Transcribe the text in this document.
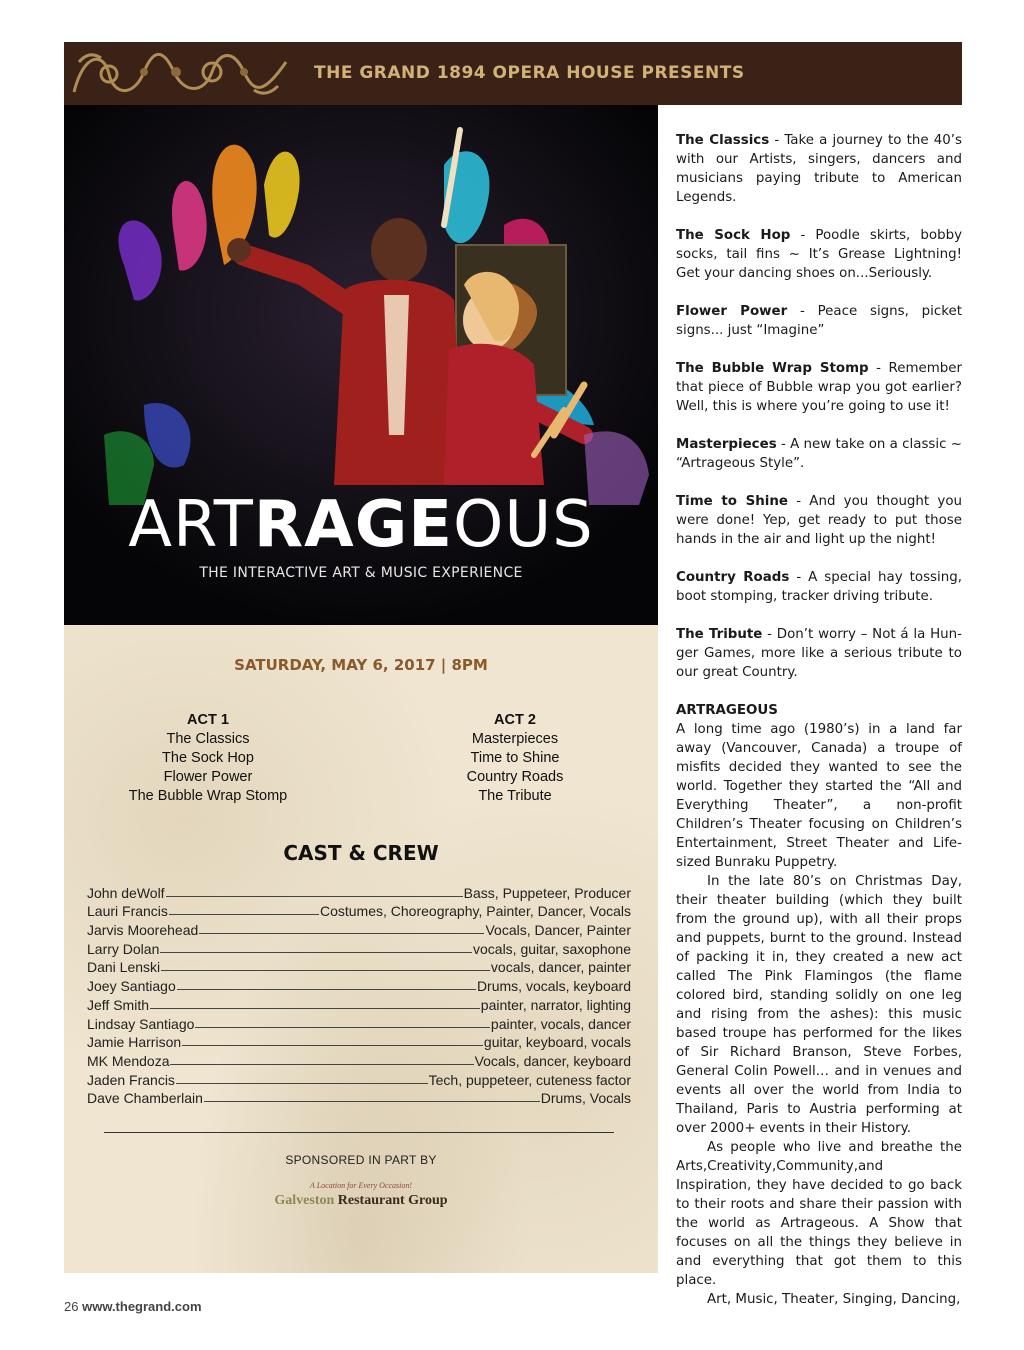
THE GRAND 1894 OPERA HOUSE PRESENTS
ARTRAGEOUS
THE INTERACTIVE ART & MUSIC EXPERIENCE
SATURDAY, MAY 6, 2017 | 8PM
ACT 1
The Classics
The Sock Hop
Flower Power
The Bubble Wrap Stomp
ACT 2
Masterpieces
Time to Shine
Country Roads
The Tribute
CAST & CREW
John deWolf	Bass, Puppeteer, Producer
Lauri Francis	Costumes, Choreography, Painter, Dancer, Vocals
Jarvis Moorehead	Vocals, Dancer, Painter
Larry Dolan	vocals, guitar, saxophone
Dani Lenski	vocals, dancer, painter
Joey Santiago	Drums, vocals, keyboard
Jeff Smith	painter, narrator, lighting
Lindsay Santiago	painter, vocals, dancer
Jamie Harrison	guitar, keyboard, vocals
MK Mendoza	Vocals, dancer, keyboard
Jaden Francis	Tech, puppeteer, cuteness factor
Dave Chamberlain	Drums, Vocals
SPONSORED IN PART BY
A Location for Every Occasion!
Galveston Restaurant Group

The Classics - Take a journey to the 40’s with our Artists, singers, dancers and musicians paying tribute to American Legends.

The Sock Hop - Poodle skirts, bobby socks, tail fins ~ It’s Grease Lightning! Get your dancing shoes on...Seriously.

Flower Power - Peace signs, picket signs... just “Imagine”

The Bubble Wrap Stomp - Remember that piece of Bubble wrap you got earlier? Well, this is where you’re going to use it!

Masterpieces - A new take on a classic ~ “Artrageous Style”.

Time to Shine - And you thought you were done! Yep, get ready to put those hands in the air and light up the night!

Country Roads - A special hay tossing, boot stomping, tracker driving tribute.

The Tribute - Don’t worry – Not á la Hunger Games, more like a serious tribute to our great Country.

ARTRAGEOUS

A long time ago (1980’s) in a land far away (Vancouver, Canada) a troupe of misfits decided they wanted to see the world. Together they started the “All and Everything Theater”, a non-profit Children’s Theater focusing on Children’s Entertainment, Street Theater and Life-sized Bunraku Puppetry.

In the late 80’s on Christmas Day, their theater building (which they built from the ground up), with all their props and puppets, burnt to the ground. Instead of packing it in, they created a new act called The Pink Flamingos (the flame colored bird, standing solidly on one leg and rising from the ashes): this music based troupe has performed for the likes of Sir Richard Branson, Steve Forbes, General Colin Powell… and in venues and events all over the world from India to Thailand, Paris to Austria performing at over 2000+ events in their History.

As people who live and breathe the Arts,Creativity,Community,and Inspiration, they have decided to go back to their roots and share their passion with the world as Artrageous. A Show that focuses on all the things they believe in and everything that got them to this place.

Art, Music, Theater, Singing, Dancing,

26 www.thegrand.com
